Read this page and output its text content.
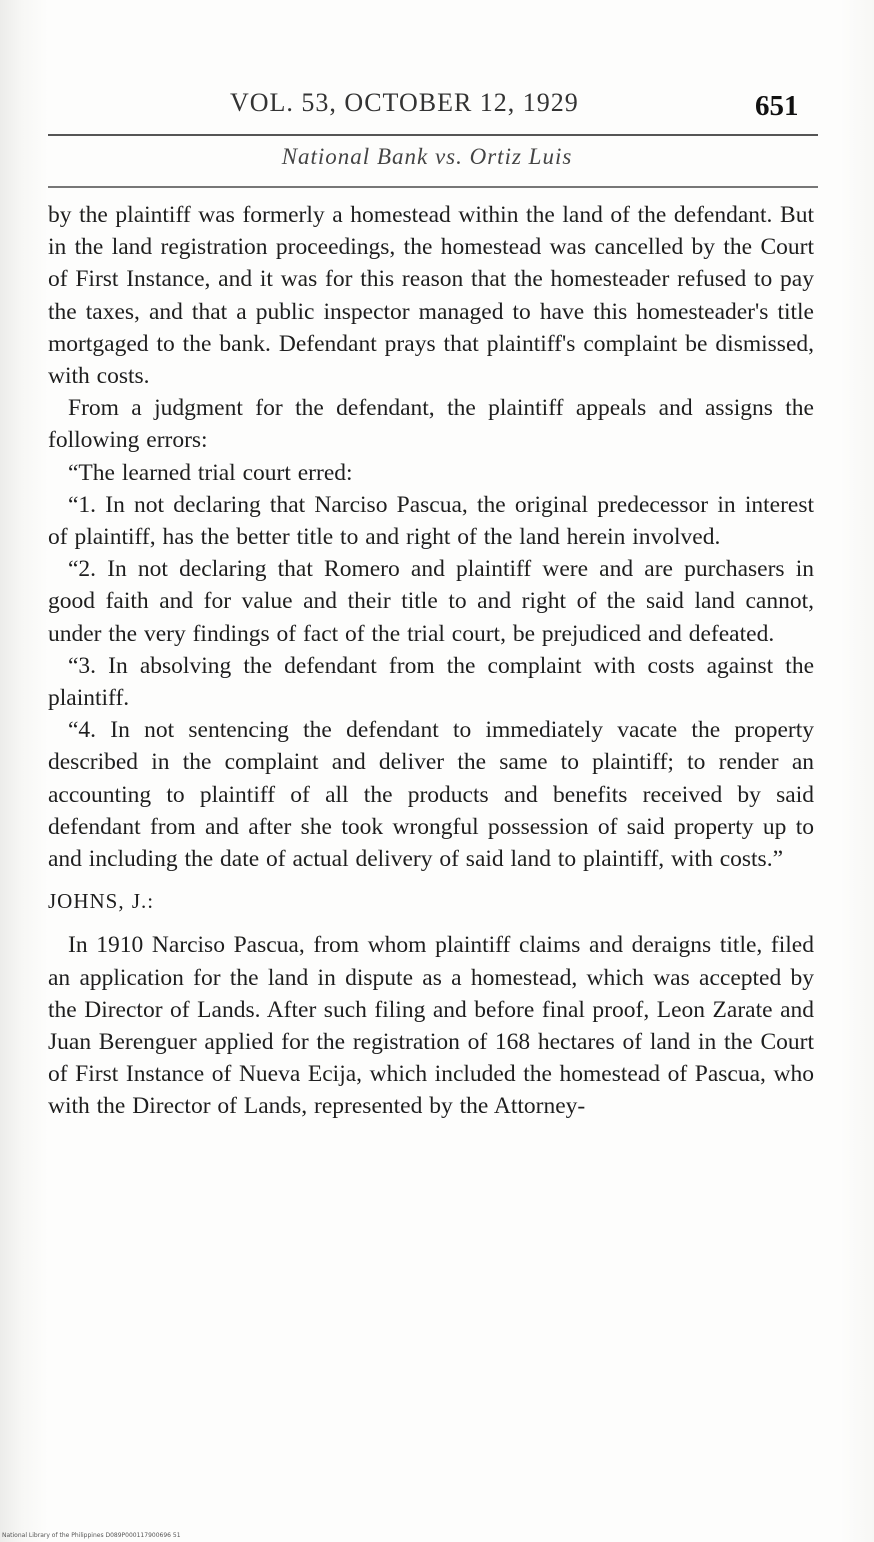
VOL. 53, OCTOBER 12, 1929	651
National Bank vs. Ortiz Luis

by the plaintiff was formerly a homestead within the land of the defendant. But in the land registration proceedings, the homestead was cancelled by the Court of First Instance, and it was for this reason that the homesteader refused to pay the taxes, and that a public inspector managed to have this homesteader's title mortgaged to the bank. Defendant prays that plaintiff's complaint be dismissed, with costs.

From a judgment for the defendant, the plaintiff appeals and assigns the following errors:

“The learned trial court erred:

“1. In not declaring that Narciso Pascua, the original predecessor in interest of plaintiff, has the better title to and right of the land herein involved.

“2. In not declaring that Romero and plaintiff were and are purchasers in good faith and for value and their title to and right of the said land cannot, under the very findings of fact of the trial court, be prejudiced and defeated.

“3. In absolving the defendant from the complaint with costs against the plaintiff.

“4. In not sentencing the defendant to immediately vacate the property described in the complaint and deliver the same to plaintiff; to render an accounting to plaintiff of all the products and benefits received by said defendant from and after she took wrongful possession of said property up to and including the date of actual delivery of said land to plaintiff, with costs.”

JOHNS, J.:

In 1910 Narciso Pascua, from whom plaintiff claims and deraigns title, filed an application for the land in dispute as a homestead, which was accepted by the Director of Lands. After such filing and before final proof, Leon Zarate and Juan Berenguer applied for the registration of 168 hectares of land in the Court of First Instance of Nueva Ecija, which included the homestead of Pascua, who with the Director of Lands, represented by the Attorney-

National Library of the Philippines D089P000117900696 51
